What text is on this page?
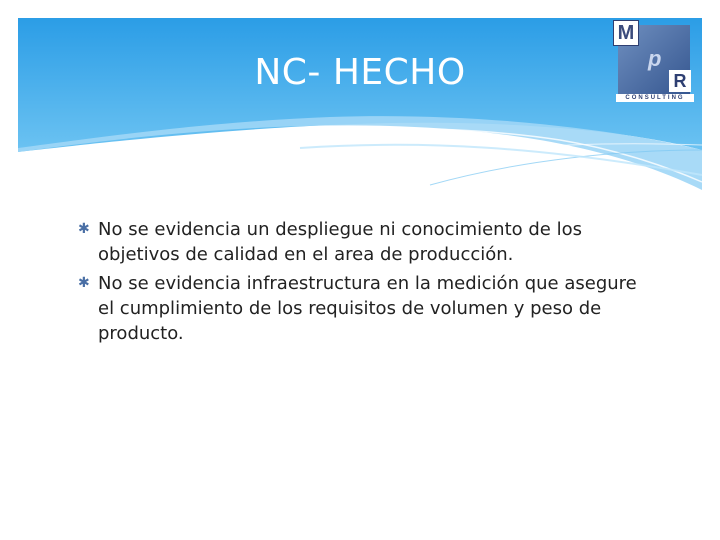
NC- HECHO
M
p
R
CONSULTING
✱ No se evidencia un despliegue ni conocimiento de los objetivos de calidad en el area de producción.
✱ No se evidencia infraestructura en la medición que asegure el cumplimiento de los requisitos de volumen y peso de producto.
